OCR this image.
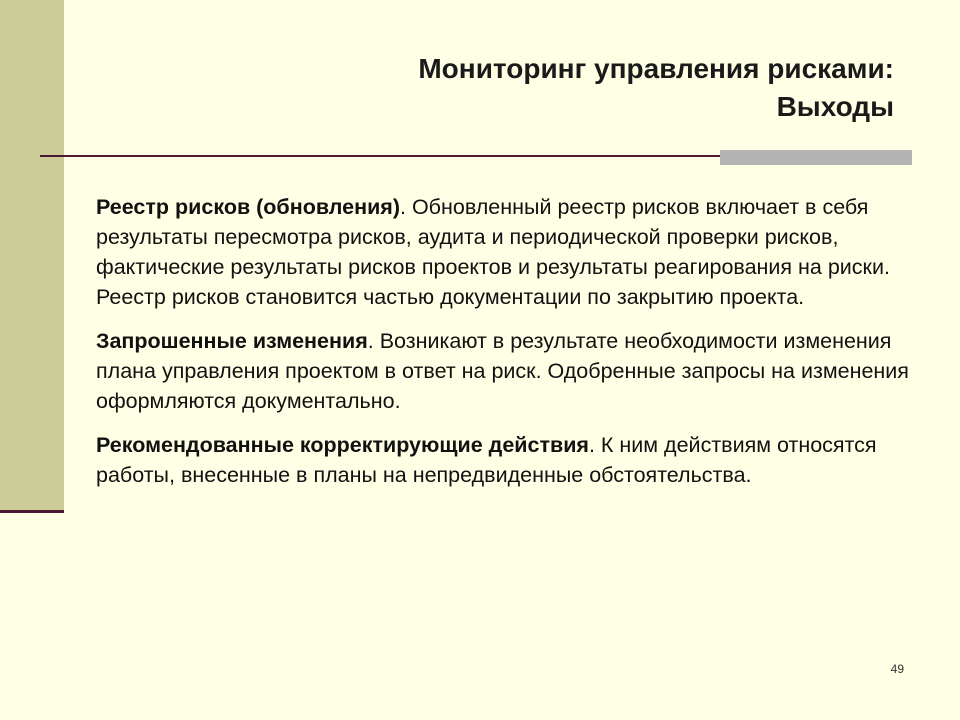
Мониторинг управления рисками:
Выходы

Реестр рисков (обновления). Обновленный реестр рисков включает в себя результаты пересмотра рисков, аудита и периодической проверки рисков, фактические результаты рисков проектов и результаты реагирования на риски. Реестр рисков становится частью документации по закрытию проекта.

Запрошенные изменения. Возникают в результате необходимости изменения плана управления проектом в ответ на риск. Одобренные запросы на изменения оформляются документально.

Рекомендованные корректирующие действия. К ним действиям относятся работы, внесенные в планы на непредвиденные обстоятельства.

49
